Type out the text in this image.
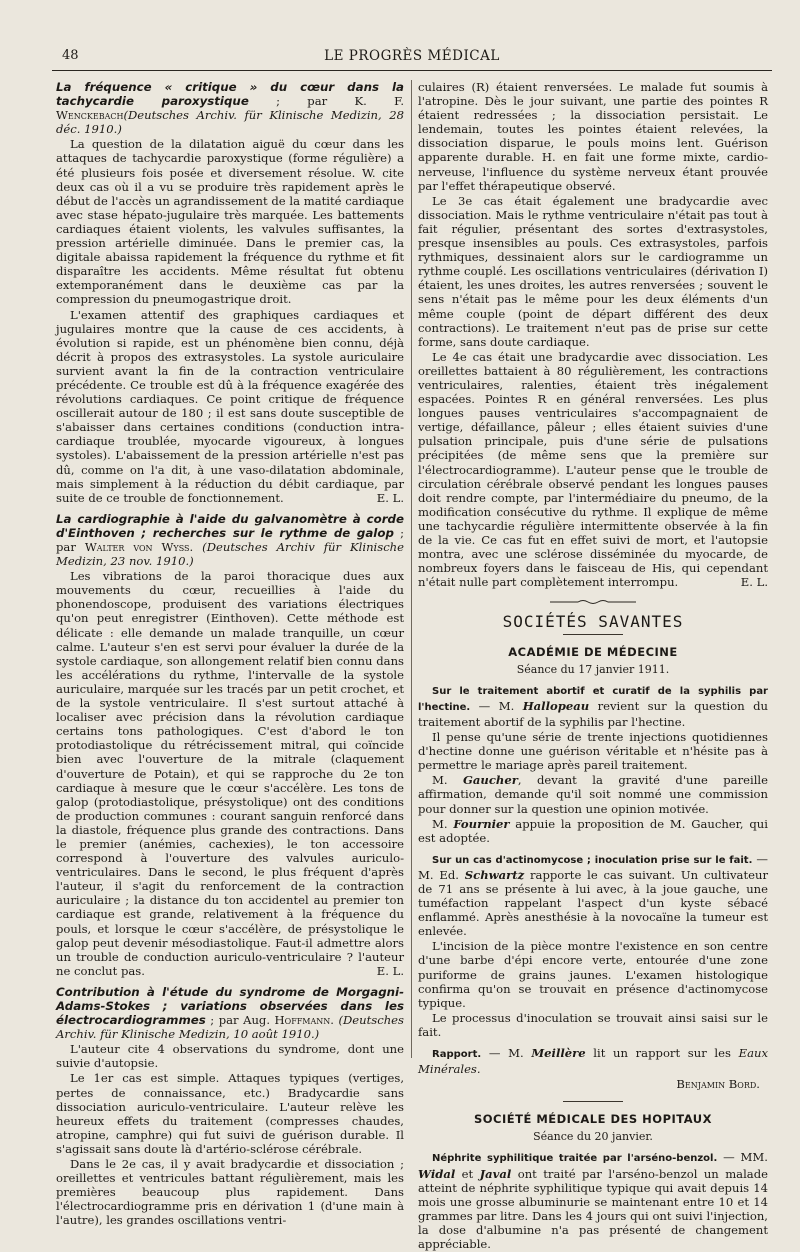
48	LE PROGRÈS MÉDICAL

La fréquence « critique » du cœur dans la tachycardie paroxystique ; par K. F. Wenckebach(Deutsches Archiv. für Klinische Medizin, 28 déc. 1910.)

La question de la dilatation aiguë du cœur dans les attaques de tachycardie paroxystique (forme régulière) a été plusieurs fois posée et diversement résolue. W. cite deux cas où il a vu se produire très rapidement après le début de l'accès un agrandissement de la matité cardiaque avec stase hépato-jugulaire très marquée. Les battements cardiaques étaient violents, les valvules suffisantes, la pression artérielle diminuée. Dans le premier cas, la digitale abaissa rapidement la fréquence du rythme et fit disparaître les accidents. Même résultat fut obtenu extemporanément dans le deuxième cas par la compression du pneumogastrique droit.

L'examen attentif des graphiques cardiaques et jugulaires montre que la cause de ces accidents, à évolution si rapide, est un phénomène bien connu, déjà décrit à propos des extrasystoles. La systole auriculaire survient avant la fin de la contraction ventriculaire précédente. Ce trouble est dû à la fréquence exagérée des révolutions cardiaques. Ce point critique de fréquence oscillerait autour de 180 ; il est sans doute susceptible de s'abaisser dans certaines conditions (conduction intra-cardiaque troublée, myocarde vigoureux, à longues systoles). L'abaissement de la pression artérielle n'est pas dû, comme on l'a dit, à une vaso-dilatation abdominale, mais simplement à la réduction du débit cardiaque, par suite de ce trouble de fonctionnement.	E. L.

La cardiographie à l'aide du galvanomètre à corde d'Einthoven ; recherches sur le rythme de galop ; par Walter von Wyss. (Deutsches Archiv für Klinische Medizin, 23 nov. 1910.)

Les vibrations de la paroi thoracique dues aux mouvements du cœur, recueillies à l'aide du phonendoscope, produisent des variations électriques qu'on peut enregistrer (Einthoven). Cette méthode est délicate : elle demande un malade tranquille, un cœur calme. L'auteur s'en est servi pour évaluer la durée de la systole cardiaque, son allongement relatif bien connu dans les accélérations du rythme, l'intervalle de la systole auriculaire, marquée sur les tracés par un petit crochet, et de la systole ventriculaire. Il s'est surtout attaché à localiser avec précision dans la révolution cardiaque certains tons pathologiques. C'est d'abord le ton protodiastolique du rétrécissement mitral, qui coïncide bien avec l'ouverture de la mitrale (claquement d'ouverture de Potain), et qui se rapproche du 2e ton cardiaque à mesure que le cœur s'accélère. Les tons de galop (protodiastolique, présystolique) ont des conditions de production communes : courant sanguin renforcé dans la diastole, fréquence plus grande des contractions. Dans le premier (anémies, cachexies), le ton accessoire correspond à l'ouverture des valvules auriculo-ventriculaires. Dans le second, le plus fréquent d'après l'auteur, il s'agit du renforcement de la contraction auriculaire ; la distance du ton accidentel au premier ton cardiaque est grande, relativement à la fréquence du pouls, et lorsque le cœur s'accélère, de présystolique le galop peut devenir mésodiastolique. Faut-il admettre alors un trouble de conduction auriculo-ventriculaire ? l'auteur ne conclut pas.	E. L.

Contribution à l'étude du syndrome de Morgagni-Adams-Stokes ; variations observées dans les électrocardiogrammes ; par Aug. Hoffmann. (Deutsches Archiv. für Klinische Medizin, 10 août 1910.)

L'auteur cite 4 observations du syndrome, dont une suivie d'autopsie.

Le 1er cas est simple. Attaques typiques (vertiges, pertes de connaissance, etc.) Bradycardie sans dissociation auriculo-ventriculaire. L'auteur relève les heureux effets du traitement (compresses chaudes, atropine, camphre) qui fut suivi de guérison durable. Il s'agissait sans doute là d'artério-sclérose cérébrale.

Dans le 2e cas, il y avait bradycardie et dissociation ; oreillettes et ventricules battant régulièrement, mais les premières beaucoup plus rapidement. Dans l'électrocardiogramme pris en dérivation 1 (d'une main à l'autre), les grandes oscillations ventri-

culaires (R) étaient renversées. Le malade fut soumis à l'atropine. Dès le jour suivant, une partie des pointes R étaient redressées ; la dissociation persistait. Le lendemain, toutes les pointes étaient relevées, la dissociation disparue, le pouls moins lent. Guérison apparente durable. H. en fait une forme mixte, cardio-nerveuse, l'influence du système nerveux étant prouvée par l'effet thérapeutique observé.

Le 3e cas était également une bradycardie avec dissociation. Mais le rythme ventriculaire n'était pas tout à fait régulier, présentant des sortes d'extrasystoles, presque insensibles au pouls. Ces extrasystoles, parfois rythmiques, dessinaient alors sur le cardiogramme un rythme couplé. Les oscillations ventriculaires (dérivation I) étaient, les unes droites, les autres renversées ; souvent le sens n'était pas le même pour les deux éléments d'un même couple (point de départ différent des deux contractions). Le traitement n'eut pas de prise sur cette forme, sans doute cardiaque.

Le 4e cas était une bradycardie avec dissociation. Les oreillettes battaient à 80 régulièrement, les contractions ventriculaires, ralenties, étaient très inégalement espacées. Pointes R en général renversées. Les plus longues pauses ventriculaires s'accompagnaient de vertige, défaillance, pâleur ; elles étaient suivies d'une pulsation principale, puis d'une série de pulsations précipitées (de même sens que la première sur l'électrocardiogramme). L'auteur pense que le trouble de circulation cérébrale observé pendant les longues pauses doit rendre compte, par l'intermédiaire du pneumo, de la modification consécutive du rythme. Il explique de même une tachycardie régulière intermittente observée à la fin de la vie. Ce cas fut en effet suivi de mort, et l'autopsie montra, avec une sclérose disséminée du myocarde, de nombreux foyers dans le faisceau de His, qui cependant n'était nulle part complètement interrompu.	E. L.

SOCIÉTÉS SAVANTES
ACADÉMIE DE MÉDECINE
Séance du 17 janvier 1911.

Sur le traitement abortif et curatif de la syphilis par l'hectine. — M. Hallopeau revient sur la question du traitement abortif de la syphilis par l'hectine.

Il pense qu'une série de trente injections quotidiennes d'hectine donne une guérison véritable et n'hésite pas à permettre le mariage après pareil traitement.

M. Gaucher, devant la gravité d'une pareille affirmation, demande qu'il soit nommé une commission pour donner sur la question une opinion motivée.

M. Fournier appuie la proposition de M. Gaucher, qui est adoptée.

Sur un cas d'actinomycose ; inoculation prise sur le fait. — M. Ed. Schwartz rapporte le cas suivant. Un cultivateur de 71 ans se présente à lui avec, à la joue gauche, une tuméfaction rappelant l'aspect d'un kyste sébacé enflammé. Après anesthésie à la novocaïne la tumeur est enlevée.

L'incision de la pièce montre l'existence en son centre d'une barbe d'épi encore verte, entourée d'une zone puriforme de grains jaunes. L'examen histologique confirma qu'on se trouvait en présence d'actinomycose typique.

Le processus d'inoculation se trouvait ainsi saisi sur le fait.

Rapport. — M. Meillère lit un rapport sur les Eaux Minérales.

Benjamin Bord.
SOCIÉTÉ MÉDICALE DES HOPITAUX
Séance du 20 janvier.

Néphrite syphilitique traitée par l'arséno-benzol. — MM. Widal et Javal ont traité par l'arséno-benzol un malade atteint de néphrite syphilitique typique qui avait depuis 14 mois une grosse albuminurie se maintenant entre 10 et 14 grammes par litre. Dans les 4 jours qui ont suivi l'injection, la dose d'albumine n'a pas présenté de changement appréciable.
